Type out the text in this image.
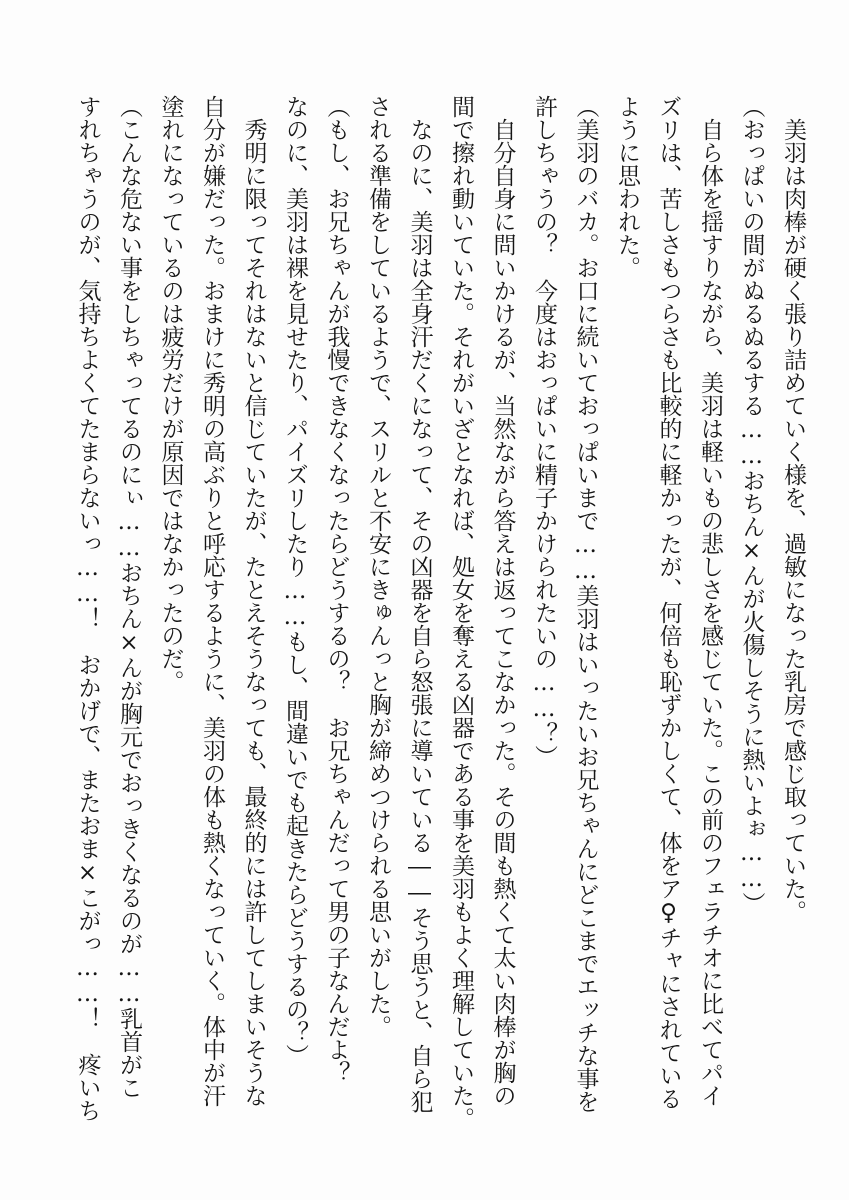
　美羽は肉棒が硬く張り詰めていく様を、過敏になった乳房で感じ取っていた。
（おっぱいの間がぬるぬるする……おちん×んが火傷しそうに熱いよぉ……）
　自ら体を揺すりながら、美羽は軽いもの悲しさを感じていた。この前のフェラチオに比べてパイ
ズリは、苦しさもつらさも比較的に軽かったが、何倍も恥ずかしくて、体をア♀チャにされている
ように思われた。
（美羽のバカ。お口に続いておっぱいまで……美羽はいったいお兄ちゃんにどこまでエッチな事を
許しちゃうの？　今度はおっぱいに精子かけられたいの……？）
　自分自身に問いかけるが、当然ながら答えは返ってこなかった。その間も熱くて太い肉棒が胸の
間で擦れ動いていた。それがいざとなれば、処女を奪える凶器である事を美羽もよく理解していた。
　なのに、美羽は全身汗だくになって、その凶器を自ら怒張に導いている――そう思うと、自ら犯
される準備をしているようで、スリルと不安にきゅんっと胸が締めつけられる思いがした。
（もし、お兄ちゃんが我慢できなくなったらどうするの？　お兄ちゃんだって男の子なんだよ？
なのに、美羽は裸を見せたり、パイズリしたり……もし、間違いでも起きたらどうするの？）
　秀明に限ってそれはないと信じていたが、たとえそうなっても、最終的には許してしまいそうな
自分が嫌だった。おまけに秀明の高ぶりと呼応するように、美羽の体も熱くなっていく。体中が汗
塗れになっているのは疲労だけが原因ではなかったのだ。
（こんな危ない事をしちゃってるのにぃ……おちん×んが胸元でおっきくなるのが……乳首がこ
すれちゃうのが、気持ちよくてたまらないっ……！　おかげで、またおま×こがっ……！　疼いち
